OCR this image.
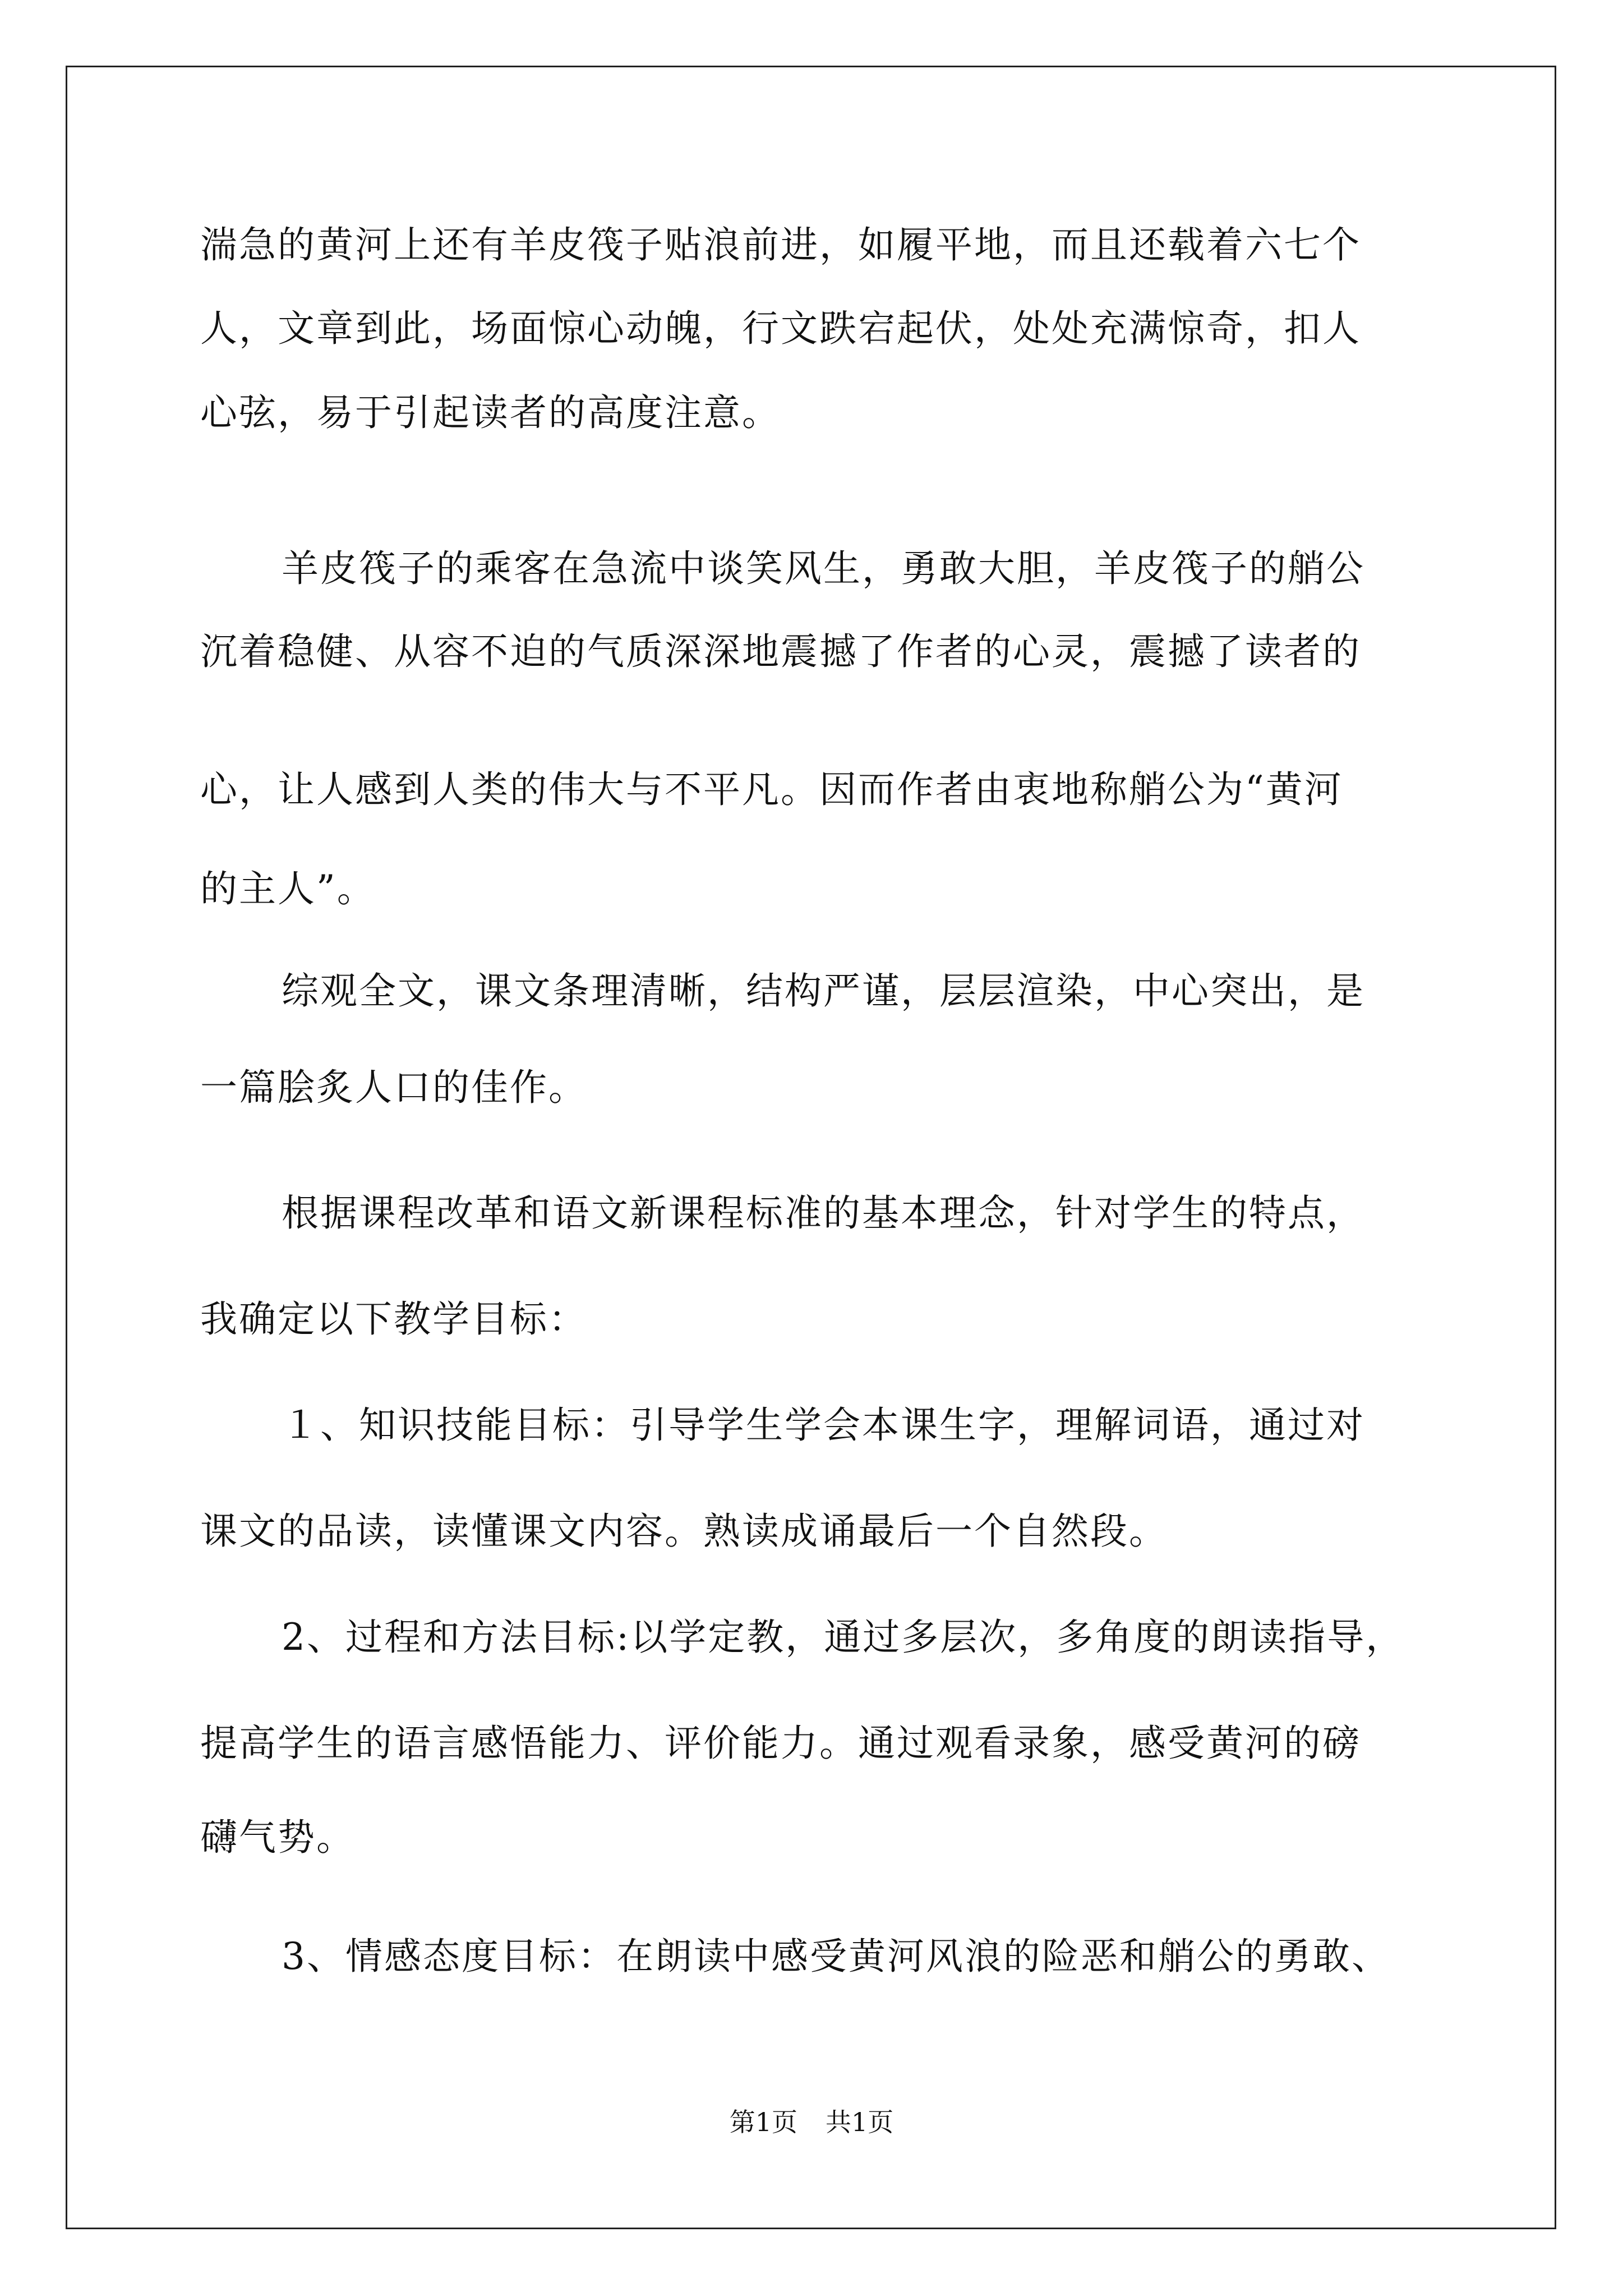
湍急的黄河上还有羊皮筏子贴浪前进，如履平地，而且还载着六七个
人，文章到此，场面惊心动魄，行文跌宕起伏，处处充满惊奇，扣人
心弦，易于引起读者的高度注意。
羊皮筏子的乘客在急流中谈笑风生，勇敢大胆，羊皮筏子的艄公
沉着稳健、从容不迫的气质深深地震撼了作者的心灵，震撼了读者的
心，让人感到人类的伟大与不平凡。因而作者由衷地称艄公为“黄河
的主人”。
综观全文，课文条理清晰，结构严谨，层层渲染，中心突出，是
一篇脍炙人口的佳作。
根据课程改革和语文新课程标准的基本理念，针对学生的特点，
我确定以下教学目标：
１、知识技能目标：引导学生学会本课生字，理解词语，通过对
课文的品读，读懂课文内容。熟读成诵最后一个自然段。
2、过程和方法目标:以学定教，通过多层次，多角度的朗读指导，
提高学生的语言感悟能力、评价能力。通过观看录象，感受黄河的磅
礴气势。
3、情感态度目标：在朗读中感受黄河风浪的险恶和艄公的勇敢、
第1页 共1页
